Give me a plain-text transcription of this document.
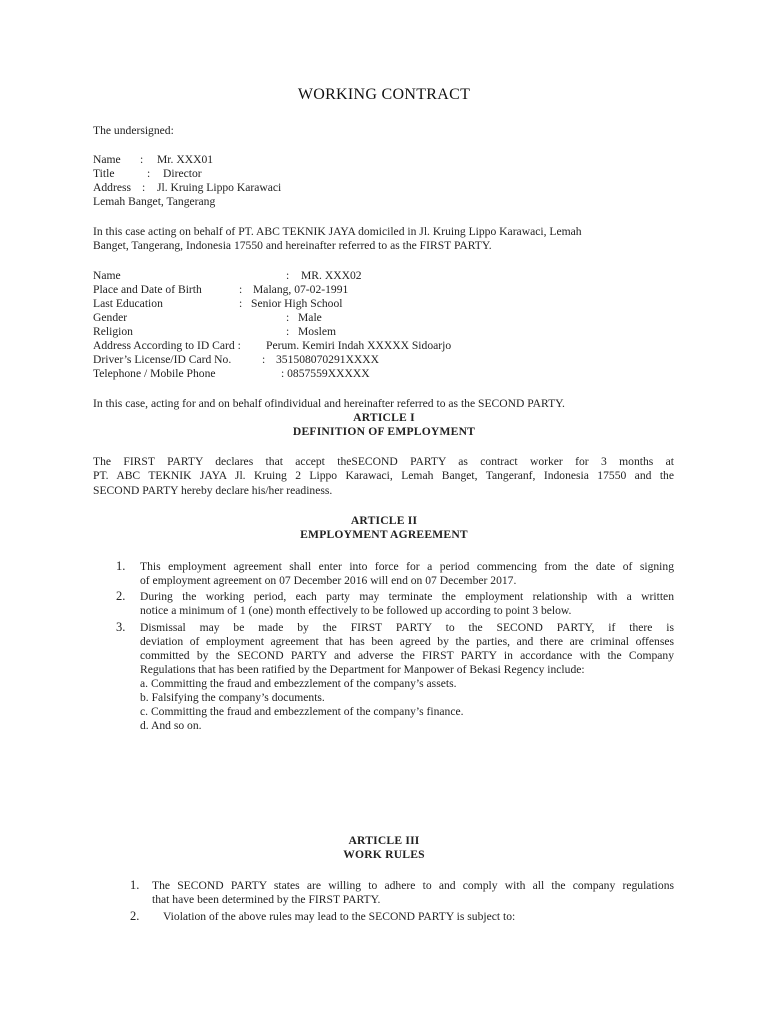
WORKING CONTRACT
The undersigned:
Name : Mr. XXX01
Title	: Director
Address : Jl. Kruing Lippo Karawaci
Lemah Banget, Tangerang
In this case acting on behalf of PT. ABC TEKNIK JAYA domiciled in Jl. Kruing Lippo Karawaci, Lemah
Banget, Tangerang, Indonesia 17550 and hereinafter referred to as the FIRST PARTY.
Name	: MR. XXX02
Place and Date of Birth	: Malang, 07-02-1991
Last Education	: Senior High School
Gender	: Male
Religion	: Moslem
Address According to ID Card : Perum. Kemiri Indah XXXXX Sidoarjo
Driver’s License/ID Card No.	: 351508070291XXXX
Telephone / Mobile Phone	: 0857559XXXXX
In this case, acting for and on behalf ofindividual and hereinafter referred to as the SECOND PARTY.
ARTICLE I
DEFINITION OF EMPLOYMENT
The FIRST PARTY declares that accept theSECOND PARTY as contract worker for 3 months at
PT. ABC TEKNIK JAYA Jl. Kruing 2 Lippo Karawaci, Lemah Banget, Tangeranf, Indonesia 17550 and the
SECOND PARTY hereby declare his/her readiness.
ARTICLE II
EMPLOYMENT AGREEMENT
1. This employment agreement shall enter into force for a period commencing from the date of signing
of employment agreement on 07 December 2016 will end on 07 December 2017.
2. During the working period, each party may terminate the employment relationship with a written
notice a minimum of 1 (one) month effectively to be followed up according to point 3 below.
3. Dismissal may be made by the FIRST PARTY to the SECOND PARTY, if there is
deviation of employment agreement that has been agreed by the parties, and there are criminal offenses
committed by the SECOND PARTY and adverse the FIRST PARTY in accordance with the Company
Regulations that has been ratified by the Department for Manpower of Bekasi Regency include:
a. Committing the fraud and embezzlement of the company’s assets.
b. Falsifying the company’s documents.
c. Committing the fraud and embezzlement of the company’s finance.
d. And so on.
ARTICLE III
WORK RULES
1. The SECOND PARTY states are willing to adhere to and comply with all the company regulations
that have been determined by the FIRST PARTY.
2. Violation of the above rules may lead to the SECOND PARTY is subject to:
